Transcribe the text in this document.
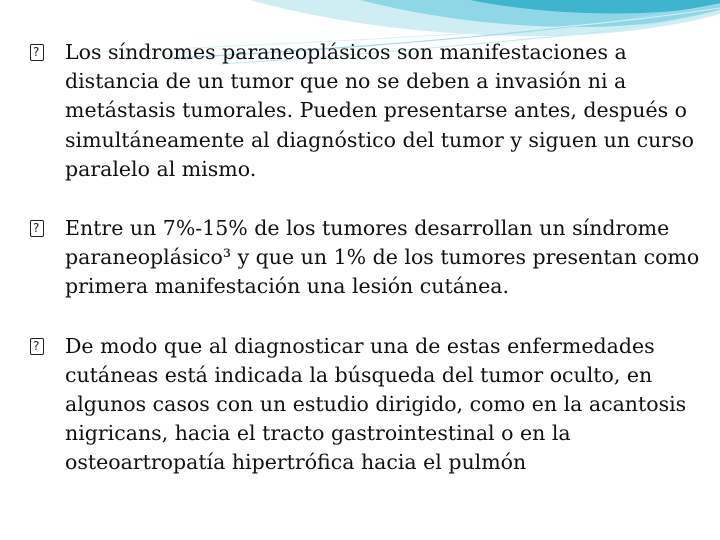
?
Los síndromes paraneoplásicos son manifestaciones a distancia de un tumor que no se deben a invasión ni a metástasis tumorales. Pueden presentarse antes, después o simultáneamente al diagnóstico del tumor y siguen un curso paralelo al mismo.

?
Entre un 7%-15% de los tumores desarrollan un síndrome paraneoplásico³ y que un 1% de los tumores presentan como primera manifestación una lesión cutánea.

?
De modo que al diagnosticar una de estas enfermedades cutáneas está indicada la búsqueda del tumor oculto, en algunos casos con un estudio dirigido, como en la acantosis nigricans, hacia el tracto gastrointestinal o en la osteoartropatía hipertrófica hacia el pulmón
